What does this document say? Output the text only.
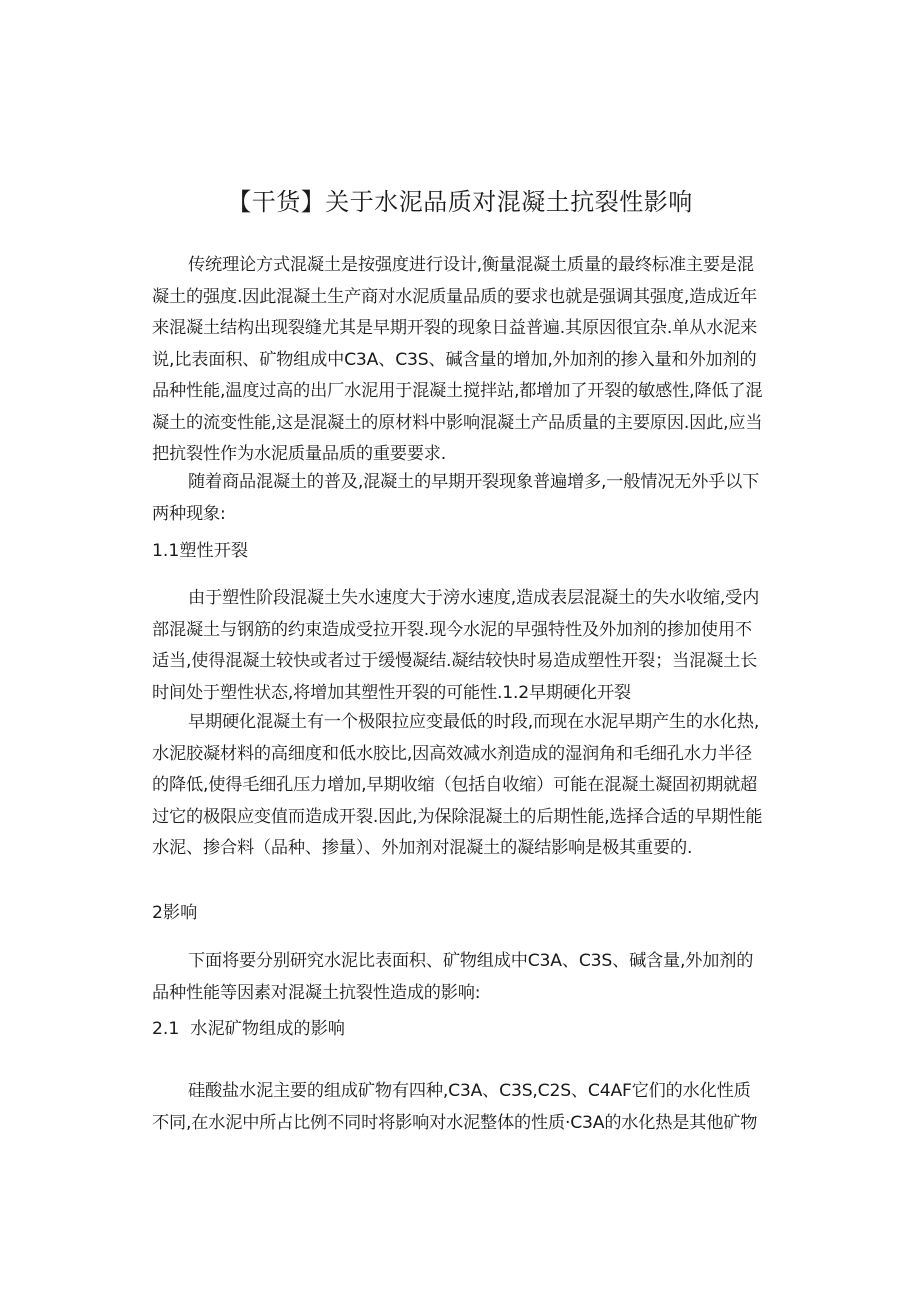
【干货】关于水泥品质对混凝土抗裂性影响
传统理论方式混凝土是按强度进行设计,衡量混凝土质量的最终标准主要是混
凝土的强度.因此混凝土生产商对水泥质量品质的要求也就是强调其强度,造成近年
来混凝土结构出现裂缝尤其是早期开裂的现象日益普遍.其原因很宜杂.单从水泥来
说,比表面积、矿物组成中C3A、C3S、碱含量的增加,外加剂的掺入量和外加剂的
品种性能,温度过高的出厂水泥用于混凝土搅拌站,都增加了开裂的敏感性,降低了混
凝土的流变性能,这是混凝土的原材料中影响混凝土产品质量的主要原因.因此,应当
把抗裂性作为水泥质量品质的重要要求.
随着商品混凝土的普及,混凝土的早期开裂现象普遍增多,一般情况无外乎以下
两种现象:
1.1塑性开裂
由于塑性阶段混凝土失水速度大于滂水速度,造成表层混凝土的失水收缩,受内
部混凝土与钢筋的约束造成受拉开裂.现今水泥的早强特性及外加剂的掺加使用不
适当,使得混凝土较快或者过于缓慢凝结.凝结较快时易造成塑性开裂；当混凝土长
时间处于塑性状态,将增加其塑性开裂的可能性.1.2早期硬化开裂
早期硬化混凝土有一个极限拉应变最低的时段,而现在水泥早期产生的水化热,
水泥胶凝材料的高细度和低水胶比,因高效减水剂造成的湿润角和毛细孔水力半径
的降低,使得毛细孔压力增加,早期收缩（包括自收缩）可能在混凝土凝固初期就超
过它的极限应变值而造成开裂.因此,为保除混凝土的后期性能,选择合适的早期性能
水泥、掺合料（品种、掺量）、外加剂对混凝土的凝结影响是极其重要的.
2影响
下面将要分别研究水泥比表面积、矿物组成中C3A、C3S、碱含量,外加剂的
品种性能等因素对混凝土抗裂性造成的影响:
2.1  水泥矿物组成的影响
硅酸盐水泥主要的组成矿物有四种,C3A、C3S,C2S、C4AF它们的水化性质
不同,在水泥中所占比例不同时将影响对水泥整体的性质·C3A的水化热是其他矿物
